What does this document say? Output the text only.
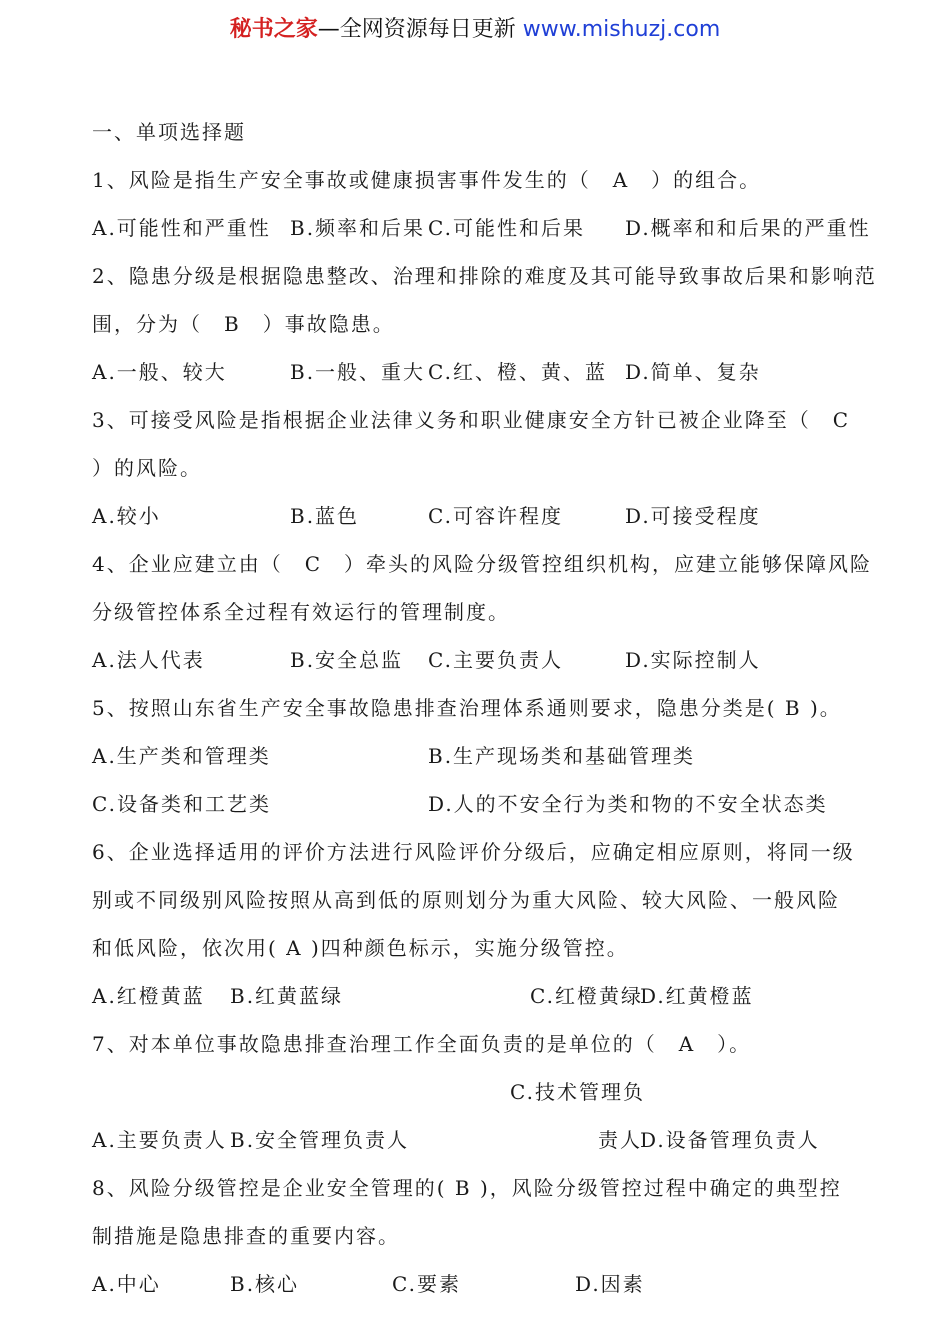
秘书之家—全网资源每日更新 www.mishuzj.com
一、单项选择题
1、风险是指生产安全事故或健康损害事件发生的（　A　）的组合。
A.可能性和严重性 B.频率和后果 C.可能性和后果 D.概率和和后果的严重性
2、隐患分级是根据隐患整改、治理和排除的难度及其可能导致事故后果和影响范
围，分为（　B　）事故隐患。
A.一般、较大	B.一般、重大 C.红、橙、黄、蓝 D.简单、复杂
3、可接受风险是指根据企业法律义务和职业健康安全方针已被企业降至（　C
）的风险。
A.较小	B.蓝色	C.可容许程度	D.可接受程度
4、企业应建立由（　C　）牵头的风险分级管控组织机构，应建立能够保障风险
分级管控体系全过程有效运行的管理制度。
A.法人代表	B.安全总监 C.主要负责人	D.实际控制人
5、按照山东省生产安全事故隐患排查治理体系通则要求，隐患分类是( B )。
A.生产类和管理类	B.生产现场类和基础管理类
C.设备类和工艺类	D.人的不安全行为类和物的不安全状态类
6、企业选择适用的评价方法进行风险评价分级后，应确定相应原则，将同一级
别或不同级别风险按照从高到低的原则划分为重大风险、较大风险、一般风险
和低风险，依次用( A )四种颜色标示，实施分级管控。
A.红橙黄蓝 B.红黄蓝绿	C.红橙黄绿
D.红黄橙蓝
7、对本单位事故隐患排查治理工作全面负责的是单位的（　A　）。
C.技术管理负
A.主要负责人 B.安全管理负责人	责人
D.设备管理负责人
8、风险分级管控是企业安全管理的( B )，风险分级管控过程中确定的典型控
制措施是隐患排查的重要内容。
A.中心	B.核心	C.要素	D.因素
